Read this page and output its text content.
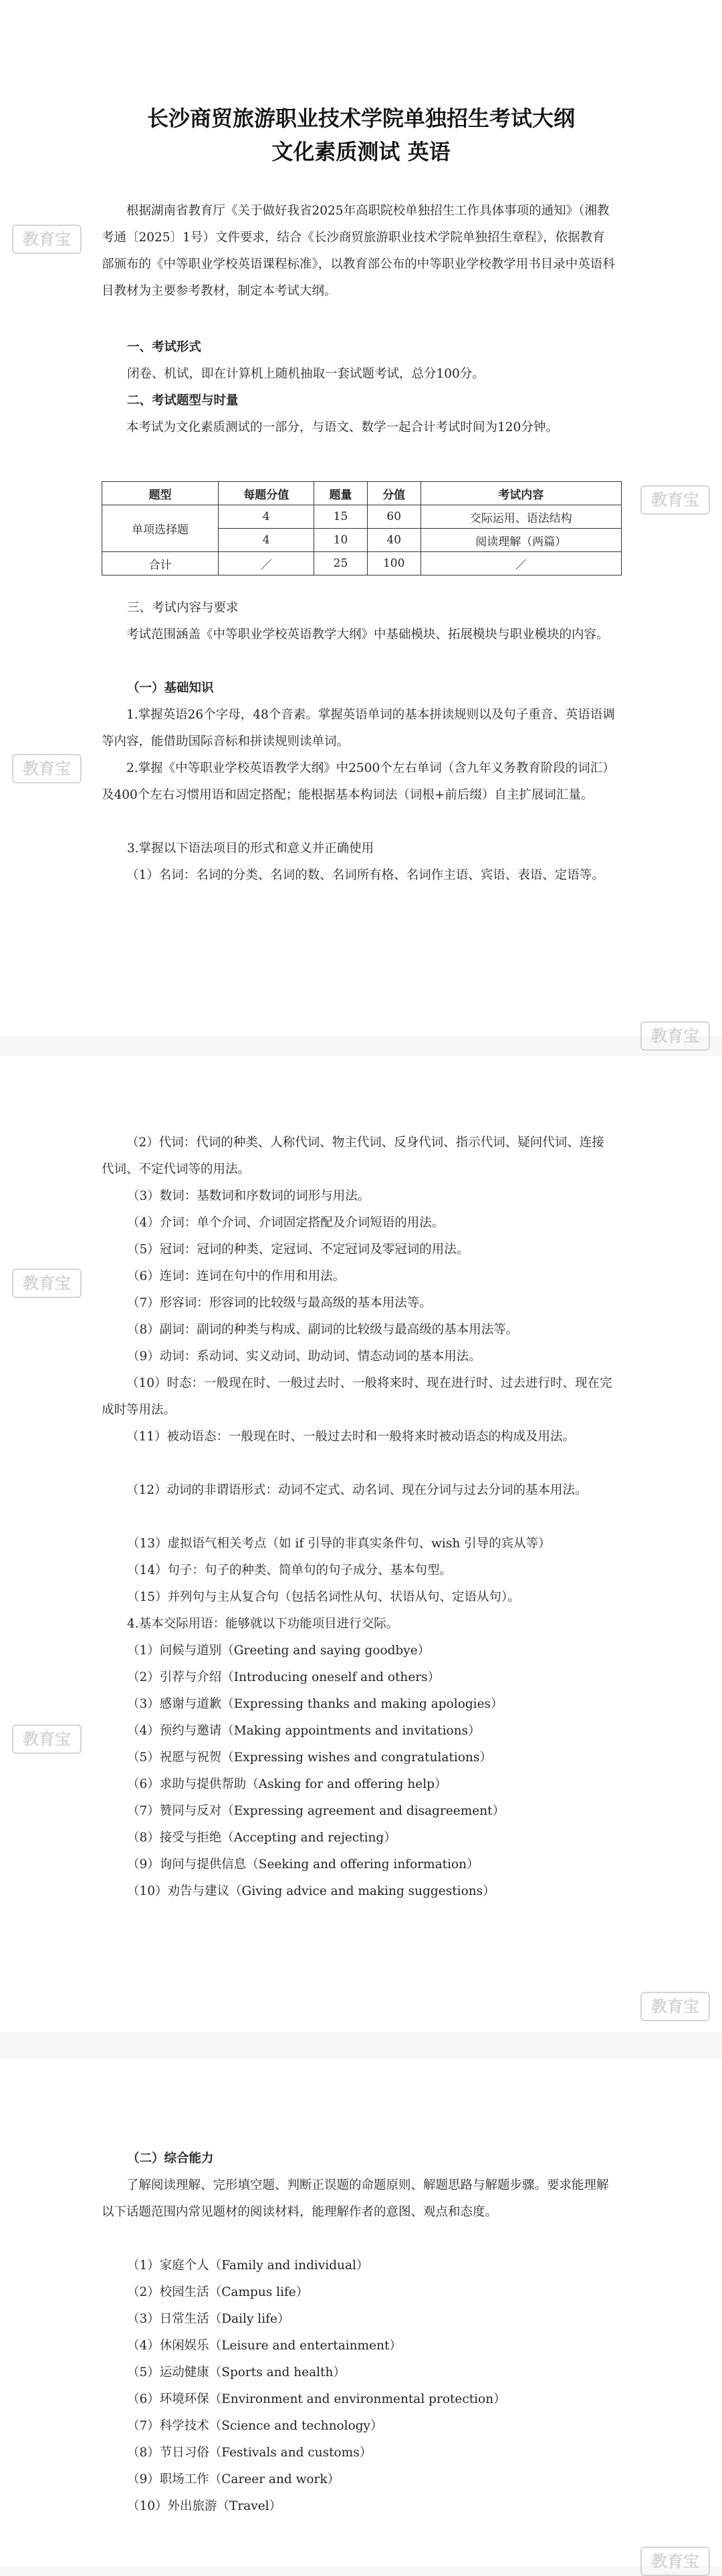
长沙商贸旅游职业技术学院单独招生考试大纲
文化素质测试 英语

根据湖南省教育厅《关于做好我省2025年高职院校单独招生工作具体事项的通知》（湘教考通〔2025〕1号）文件要求，结合《长沙商贸旅游职业技术学院单独招生章程》，依据教育部颁布的《中等职业学校英语课程标准》，以教育部公布的中等职业学校教学用书目录中英语科目教材为主要参考教材，制定本考试大纲。

一、考试形式

闭卷、机试，即在计算机上随机抽取一套试题考试，总分100分。

二、考试题型与时量

本考试为文化素质测试的一部分，与语文、数学一起合计考试时间为120分钟。

题型	每题分值	题量	分值	考试内容
单项选择题	4	15	60	交际运用、语法结构
	4	10	40	阅读理解（两篇）
合计	／	25	100	／

三、考试内容与要求

考试范围涵盖《中等职业学校英语教学大纲》中基础模块、拓展模块与职业模块的内容。

（一）基础知识

1.掌握英语26个字母，48个音素。掌握英语单词的基本拼读规则以及句子重音、英语语调等内容，能借助国际音标和拼读规则读单词。

2.掌握《中等职业学校英语教学大纲》中2500个左右单词（含九年义务教育阶段的词汇）及400个左右习惯用语和固定搭配；能根据基本构词法（词根+前后缀）自主扩展词汇量。

3.掌握以下语法项目的形式和意义并正确使用

（1）名词：名词的分类、名词的数、名词所有格、名词作主语、宾语、表语、定语等。

教育宝
教育宝
教育宝
教育宝

（2）代词：代词的种类、人称代词、物主代词、反身代词、指示代词、疑问代词、连接代词、不定代词等的用法。

（3）数词：基数词和序数词的词形与用法。

（4）介词：单个介词、介词固定搭配及介词短语的用法。

（5）冠词：冠词的种类、定冠词、不定冠词及零冠词的用法。

（6）连词：连词在句中的作用和用法。

（7）形容词：形容词的比较级与最高级的基本用法等。

（8）副词：副词的种类与构成、副词的比较级与最高级的基本用法等。

（9）动词：系动词、实义动词、助动词、情态动词的基本用法。

（10）时态：一般现在时、一般过去时、一般将来时、现在进行时、过去进行时、现在完成时等用法。

（11）被动语态：一般现在时、一般过去时和一般将来时被动语态的构成及用法。

（12）动词的非谓语形式：动词不定式、动名词、现在分词与过去分词的基本用法。

（13）虚拟语气相关考点（如 if 引导的非真实条件句、wish 引导的宾从等）

（14）句子：句子的种类、简单句的句子成分、基本句型。

（15）并列句与主从复合句（包括名词性从句、状语从句、定语从句）。

4.基本交际用语：能够就以下功能项目进行交际。

（1）问候与道别（Greeting and saying goodbye）

（2）引荐与介绍（Introducing oneself and others）

（3）感谢与道歉（Expressing thanks and making apologies）

（4）预约与邀请（Making appointments and invitations）

（5）祝愿与祝贺（Expressing wishes and congratulations）

（6）求助与提供帮助（Asking for and offering help）

（7）赞同与反对（Expressing agreement and disagreement）

（8）接受与拒绝（Accepting and rejecting）

（9）询问与提供信息（Seeking and offering information）

（10）劝告与建议（Giving advice and making suggestions）

教育宝
教育宝
教育宝

（二）综合能力

了解阅读理解、完形填空题、判断正误题的命题原则、解题思路与解题步骤。要求能理解以下话题范围内常见题材的阅读材料，能理解作者的意图、观点和态度。

（1）家庭个人（Family and individual）

（2）校园生活（Campus life）

（3）日常生活（Daily life）

（4）休闲娱乐（Leisure and entertainment）

（5）运动健康（Sports and health）

（6）环境环保（Environment and environmental protection）

（7）科学技术（Science and technology）

（8）节日习俗（Festivals and customs）

（9）职场工作（Career and work）

（10）外出旅游（Travel）

教育宝
